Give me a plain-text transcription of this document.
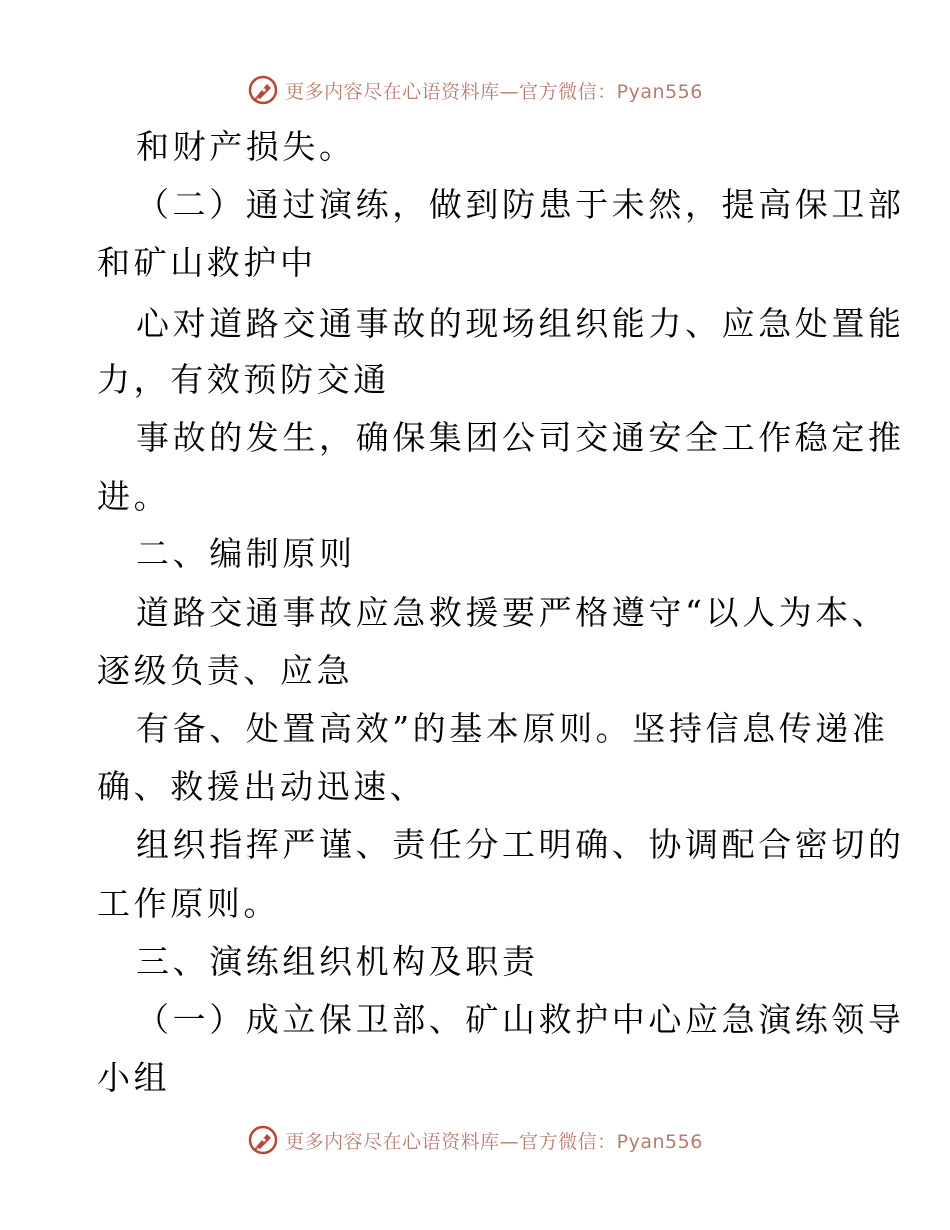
更多内容尽在心语资料库—官方微信：Pyan556
和财产损失。
（二）通过演练，做到防患于未然，提高保卫部
和矿山救护中
心对道路交通事故的现场组织能力、应急处置能
力，有效预防交通
事故的发生，确保集团公司交通安全工作稳定推
进。
二、编制原则
道路交通事故应急救援要严格遵守“以人为本、
逐级负责、应急
有备、处置高效”的基本原则。坚持信息传递准
确、救援出动迅速、
组织指挥严谨、责任分工明确、协调配合密切的
工作原则。
三、演练组织机构及职责
（一）成立保卫部、矿山救护中心应急演练领导
小组
更多内容尽在心语资料库—官方微信：Pyan556
